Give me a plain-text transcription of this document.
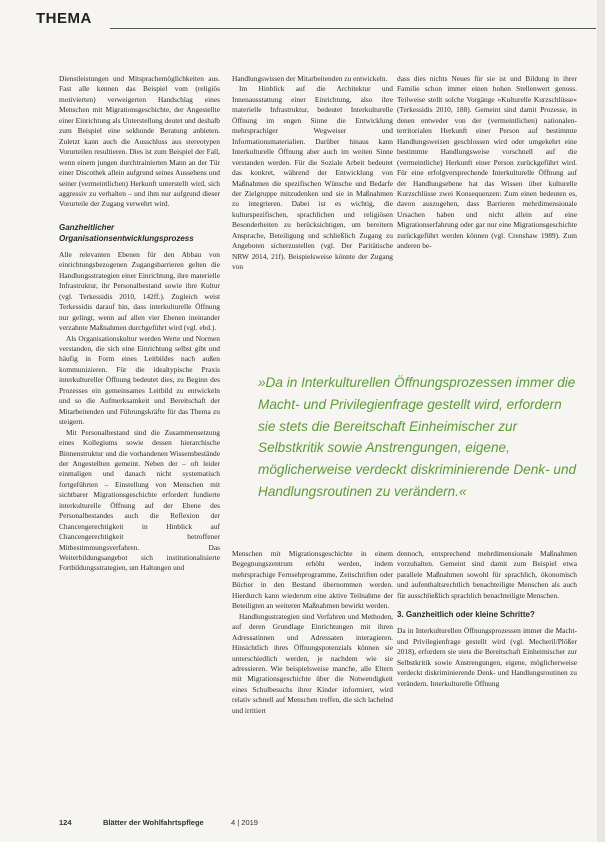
THEMA

Dienstleistungen und Mitsprachemöglichkeiten aus. Fast alle kennen das Beispiel vom (religiös motivierten) verweigerten Handschlag eines Menschen mit Migrationsgeschichte, der Angestellte einer Einrichtung als Unterstellung deutet und deshalb zum Beispiel eine sekhunde Beratung anbieten. Zuletzt kann auch die Ausschluss aus stereotypen Vorurteilen resultieren. Dies ist zum Beispiel der Fall, wenn einem jungen durchtrainierten Mann an der Tür einer Discothek allein aufgrund seines Aussehens und seiner (vermeintlichen) Herkunft unterstellt wird, sich aggressiv zu verhalten – und ihm nur aufgrund dieser Vorurteile der Zugang verwehrt wird.

Ganzheitlicher Organisationsentwicklungsprozess

Alle relevanten Ebenen für den Abbau von einrichtungsbezogenen Zugangsbarrieren gelten die Handlungsstrategien einer Einrichtung, ihre materielle Infrastruktur, ihr Personalbestand sowie ihre Kultur (vgl. Terkessidis 2010, 142ff.). Zugleich weist Terkessidis darauf hin, dass interkulturelle Öffnung nur gelingt, wenn auf allen vier Ebenen ineinander verzahnte Maßnahmen durchgeführt wird (vgl. ebd.).

Als Organisationskultur werden Werte und Normen verstanden, die sich eine Einrichtung selbst gibt und häufig in Form eines Leitbildes nach außen kommunizieren. Für die idealtypische Praxis interkultureller Öffnung bedeutet dies, zu Beginn des Prozesses ein gemeinsames Leitbild zu entwickeln und so die Aufmerksamkeit und Bereitschaft der Mitarbeitenden und Führungskräfte für das Thema zu steigern.

Mit Personalbestand sind die Zusammensetzung eines Kollegiums sowie dessen hierarchische Binnenstruktur und die vorhandenen Wissensbestände der Angestellten gemeint. Neben der – oft leider einmaligen und danach nicht systematisch fortgeführten – Einstellung von Menschen mit sichtbarer Migrationsgeschichte erfordert fundierte interkulturelle Öffnung auf der Ebene des Personalbestandes auch die Reflexion der Chancengerechtigkeit in Hinblick auf Chancengerechtigkeit betroffener Mitbestimmungsverfahren. Das Weiterbildungsangebot sich institutionalisierte Fortbildungsstrategien, um Haltungen und

Handlungswissen der Mitarbeitenden zu entwickeln.

Im Hinblick auf die Architektur und Innenausstattung einer Einrichtung, also ihre materielle Infrastruktur, bedeutet Interkulturelle Öffnung im engen Sinne die Entwicklung mehrsprachiger Wegweiser und Informationsmaterialien. Darüber hinaus kann Interkulturelle Öffnung aber auch im weiten Sinne verstanden werden. Für die Soziale Arbeit bedeutet das konkret, während der Entwicklung von Maßnahmen die spezifischen Wünsche und Bedarfe der Zielgruppe mitzudenken und sie in Maßnahmen zu integrieren. Dabei ist es wichtig, die kulturspezifischen, sprachlichen und religiösen Besonderheiten zu berücksichtigen, um bereitern Ansprache, Beteiligung und schließlich Zugang zu Angeboten sicherzustellen (vgl. Der Paritätische NRW 2014, 21f). Beispielsweise könnte der Zugang von

dass dies nichts Neues für sie ist und Bildung in ihrer Familie schon immer einen hohen Stellenwert genoss. Teilweise stellt solche Vorgänge »Kulturelle Kurzschlüsse« (Terkessidis 2010, 188). Gemeint sind damit Prozesse, in denen entweder von der (vermeintlichen) nationalen-territorialen Herkunft einer Person auf bestimmte Handlungsweisen geschlossen wird oder umgekehrt eine bestimmte Handlungsweise vorschnell auf die (vermeintliche) Herkunft einer Person zurückgeführt wird. Für eine erfolgversprechende Interkulturelle Öffnung auf der Handlungsebene hat das Wissen über kulturelle Kurzschlüsse zwei Konsequenzen: Zum einen bedeuten es, davon auszugehen, dass Barrieren mehrdimensionale Ursachen haben und nicht allein auf eine Migrationserfahrung oder gar nur eine Migrationsgeschichte zurückgeführt werden können (vgl. Crenshaw 1989). Zum anderen be-

»Da in Interkulturellen Öffnungsprozessen immer die Macht- und Privilegienfrage gestellt wird, erfordern sie stets die Bereitschaft Einheimischer zur Selbstkritik sowie Anstrengungen, eigene, möglicherweise verdeckt diskriminierende Denk- und Handlungsroutinen zu verändern.«

Menschen mit Migrationsgeschichte in einem Begegnungszentrum erhöht werden, indem mehrsprachige Fernsehprogramme, Zeitschriften oder Bücher in den Bestand übernommen werden. Hierdurch kann wiederum eine aktive Teilnahme der Beteiligten an weiteren Maßnahmen bewirkt werden.

Handlungsstrategien sind Verfahren und Methoden, auf deren Grundlage Einrichtungen mit ihren Adressatinnen und Adressaten interagieren. Hinsichtlich ihres Öffnungspotenzials können sie unterschiedlich werden, je nachdem wie sie adressieren. Wie beispielsweise manche, alle Eltern mit Migrationsgeschichte über die Notwendigkeit eines Schulbesuchs ihrer Kinder informiert, wird relativ schnell auf Menschen treffen, die sich lachelnd und irritiert

dennoch, entsprechend mehrdimensionale Maßnahmen vorzuhalten. Gemeint sind damit zum Beispiel etwa parallele Maßnahmen sowohl für sprachlich, ökonomisch und aufenthaltsrechtlich benachteiligte Menschen als auch für ausschließlich sprachlich benachteiligte Menschen.

3. Ganzheitlich oder kleine Schritte?

Da in Interkulturellen Öffnungsprozessen immer die Macht- und Privilegienfrage gestellt wird (vgl. Mecheril/Plößer 2018), erfordern sie stets die Bereitschaft Einheimischer zur Selbstkritik sowie Anstrengungen, eigene, möglicherweise verdeckt diskriminierende Denk- und Handlungsroutinen zu verändern. Interkulturelle Öffnung

124	Blätter der Wohlfahrtspflege	4 | 2019
